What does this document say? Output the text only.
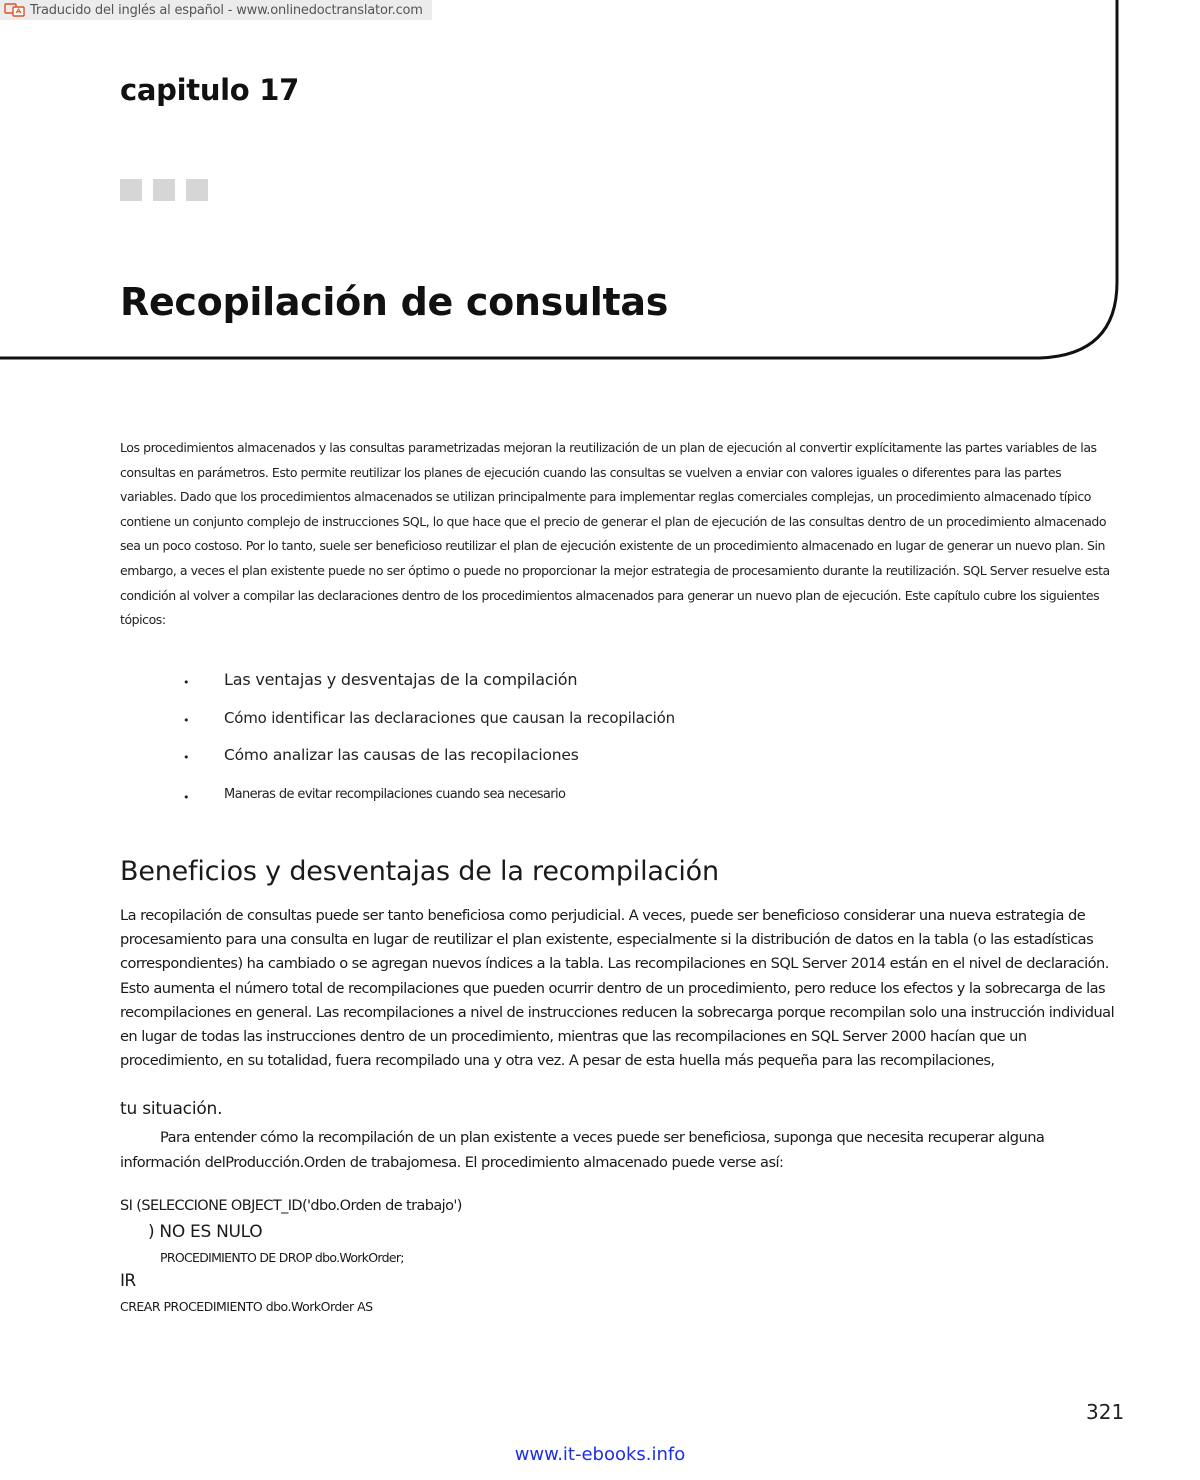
Traducido del inglés al español - www.onlinedoctranslator.com
capitulo 17
Recopilación de consultas

Los procedimientos almacenados y las consultas parametrizadas mejoran la reutilización de un plan de ejecución al convertir explícitamente las partes variables de las consultas en parámetros. Esto permite reutilizar los planes de ejecución cuando las consultas se vuelven a enviar con valores iguales o diferentes para las partes variables. Dado que los procedimientos almacenados se utilizan principalmente para implementar reglas comerciales complejas, un procedimiento almacenado típico contiene un conjunto complejo de instrucciones SQL, lo que hace que el precio de generar el plan de ejecución de las consultas dentro de un procedimiento almacenado sea un poco costoso. Por lo tanto, suele ser beneficioso reutilizar el plan de ejecución existente de un procedimiento almacenado en lugar de generar un nuevo plan. Sin embargo, a veces el plan existente puede no ser óptimo o puede no proporcionar la mejor estrategia de procesamiento durante la reutilización. SQL Server resuelve esta condición al volver a compilar las declaraciones dentro de los procedimientos almacenados para generar un nuevo plan de ejecución. Este capítulo cubre los siguientes tópicos:

• Las ventajas y desventajas de la compilación
• Cómo identificar las declaraciones que causan la recopilación
• Cómo analizar las causas de las recopilaciones
• Maneras de evitar recompilaciones cuando sea necesario
Beneficios y desventajas de la recompilación

La recopilación de consultas puede ser tanto beneficiosa como perjudicial. A veces, puede ser beneficioso considerar una nueva estrategia de procesamiento para una consulta en lugar de reutilizar el plan existente, especialmente si la distribución de datos en la tabla (o las estadísticas correspondientes) ha cambiado o se agregan nuevos índices a la tabla. Las recompilaciones en SQL Server 2014 están en el nivel de declaración. Esto aumenta el número total de recompilaciones que pueden ocurrir dentro de un procedimiento, pero reduce los efectos y la sobrecarga de las recompilaciones en general. Las recompilaciones a nivel de instrucciones reducen la sobrecarga porque recompilan solo una instrucción individual en lugar de todas las instrucciones dentro de un procedimiento, mientras que las recompilaciones en SQL Server 2000 hacían que un procedimiento, en su totalidad, fuera recompilado una y otra vez. A pesar de esta huella más pequeña para las recompilaciones,

tu situación.

Para entender cómo la recompilación de un plan existente a veces puede ser beneficiosa, suponga que necesita recuperar alguna información delProducción.Orden de trabajomesa. El procedimiento almacenado puede verse así:

SI (SELECCIONE OBJECT_ID('dbo.Orden de trabajo')
) NO ES NULO
PROCEDIMIENTO DE DROP dbo.WorkOrder;
IR
CREAR PROCEDIMIENTO dbo.WorkOrder AS
321
www.it-ebooks.info
